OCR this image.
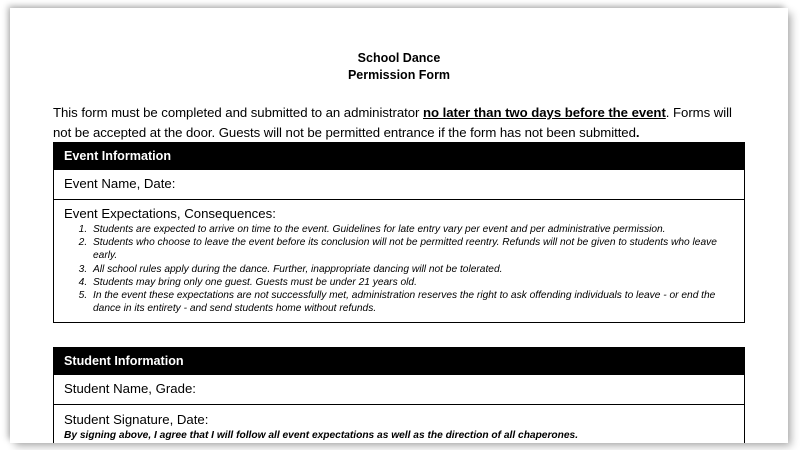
School Dance
Permission Form

This form must be completed and submitted to an administrator no later than two days before the event. Forms will not be accepted at the door. Guests will not be permitted entrance if the form has not been submitted.

Event Information

Event Name, Date:

Event Expectations, Consequences:
1. Students are expected to arrive on time to the event. Guidelines for late entry vary per event and per administrative permission.
2. Students who choose to leave the event before its conclusion will not be permitted reentry. Refunds will not be given to students who leave early.
3. All school rules apply during the dance. Further, inappropriate dancing will not be tolerated.
4. Students may bring only one guest. Guests must be under 21 years old.
5. In the event these expectations are not successfully met, administration reserves the right to ask offending individuals to leave - or end the dance in its entirety - and send students home without refunds.
Student Information

Student Name, Grade:

Student Signature, Date:
By signing above, I agree that I will follow all event expectations as well as the direction of all chaperones.
